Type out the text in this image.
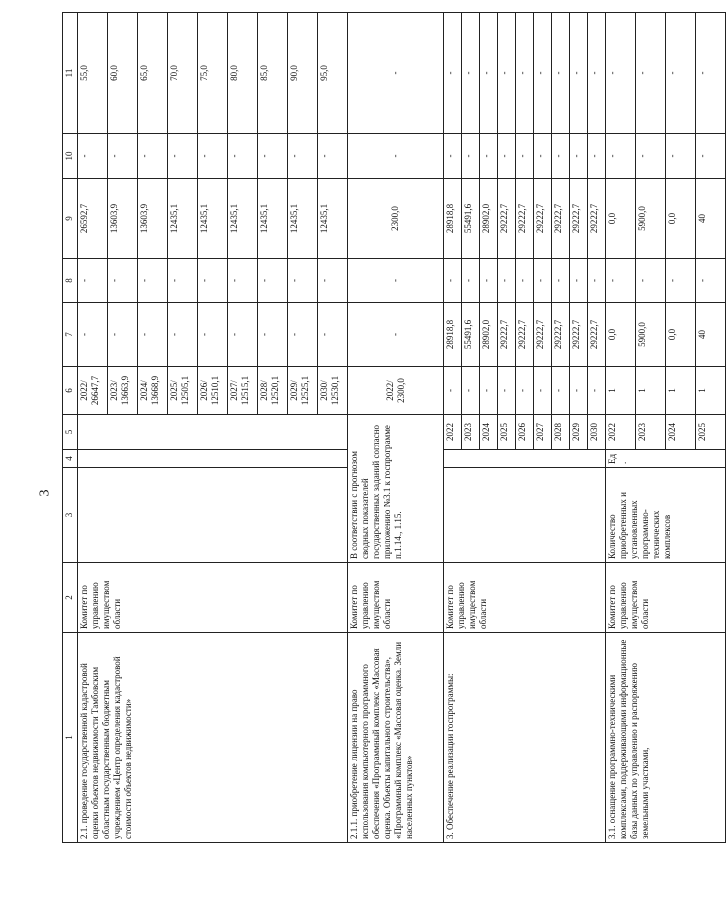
3
1	2	3	4	5	6	7	8	9	10	11
2.1. проведение государственной кадастровой оценки объектов недвижимости Тамбовским областным государственным бюджетным учреждением «Центр определения кадастровой стоимости объектов недвижимости»	Комитет по управлению имуществом области				2022/ 26647,7	-	-	26592,7	-	55,0
					2023/ 13663,9	-	-	13603,9	-	60,0
					2024/ 13668,9	-	-	13603,9	-	65,0
					2025/ 12505,1	-	-	12435,1	-	70,0
					2026/ 12510,1	-	-	12435,1	-	75,0
					2027/ 12515,1	-	-	12435,1	-	80,0
					2028/ 12520,1	-	-	12435,1	-	85,0
					2029/ 12525,1	-	-	12435,1	-	90,0
					2030/ 12530,1	-	-	12435,1	-	95,0
2.1.1. приобретение лицензии на право использования компьютерного программного обеспечения «Программный комплекс «Массовая оценка. Объекты капитального строительства», «Программный комплекс «Массовая оценка. Земли населенных пунктов»	Комитет по управлению имуществом области	В соответствии с прогнозом сводных показателей государственных заданий согласно приложению №3.1 к госпрограмме п.1.14., 1.15.			2022/ 2300,0	-	-	2300,0	-	-
3. Обеспечение реализации госпрограммы:	Комитет по управлению имуществом области			2022	-	28918,8	-	28918,8	-	-
				2023	-	55491,6	-	55491,6	-	-
				2024	-	28902,0	-	28902,0	-	-
				2025	-	29222,7	-	29222,7	-	-
				2026	-	29222,7	-	29222,7	-	-
				2027	-	29222,7	-	29222,7	-	-
				2028	-	29222,7	-	29222,7	-	-
				2029	-	29222,7	-	29222,7	-	-
				2030	-	29222,7	-	29222,7	-	-
3.1. оснащение программно-техническими комплексами, поддерживающими информационные базы данных по управлению и распоряжению земельными участками,	Комитет по управлению имуществом области	Количество приобретенных и установленных программно-технических комплексов	Ед.	2022	1	0,0	-	0,0	-	-
				2023	1	5900,0	-	5900,0	-	-
				2024	1	0,0	-	0,0	-	-
				2025	1	40	-	40	-	-
